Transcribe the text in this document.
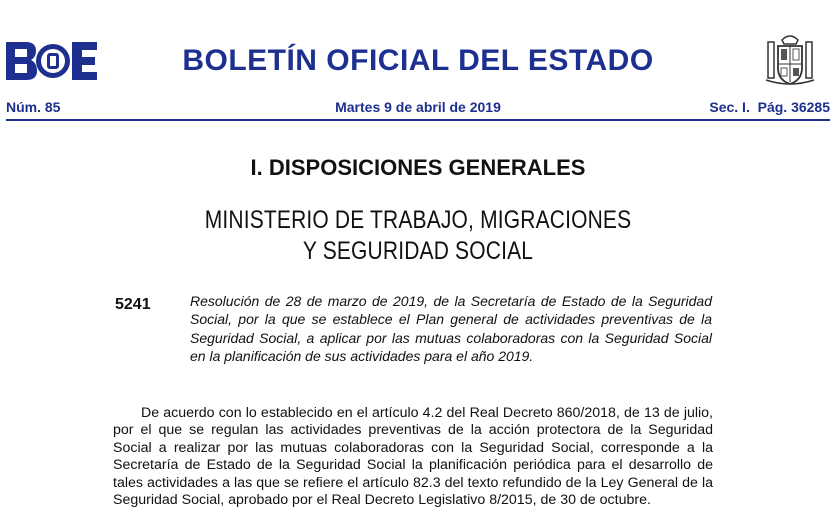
BOLETÍN OFICIAL DEL ESTADO
Núm. 85	Martes 9 de abril de 2019	Sec. I.  Pág. 36285
I. DISPOSICIONES GENERALES
MINISTERIO DE TRABAJO, MIGRACIONES
Y SEGURIDAD SOCIAL
5241	Resolución de 28 de marzo de 2019, de la Secretaría de Estado de la Seguridad Social, por la que se establece el Plan general de actividades preventivas de la Seguridad Social, a aplicar por las mutuas colaboradoras con la Seguridad Social en la planificación de sus actividades para el año 2019.
De acuerdo con lo establecido en el artículo 4.2 del Real Decreto 860/2018, de 13 de julio, por el que se regulan las actividades preventivas de la acción protectora de la Seguridad Social a realizar por las mutuas colaboradoras con la Seguridad Social, corresponde a la Secretaría de Estado de la Seguridad Social la planificación periódica para el desarrollo de tales actividades a las que se refiere el artículo 82.3 del texto refundido de la Ley General de la Seguridad Social, aprobado por el Real Decreto Legislativo 8/2015, de 30 de octubre.
